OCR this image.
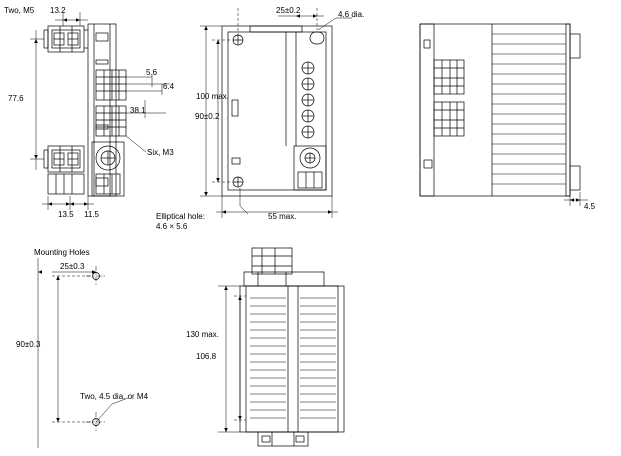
Two, M5 13.2
77.6
5.6
6.4
38.1
Six, M3
13.5 11.5
25±0.2	4.6 dia.
100 max.
90±0.2
Elliptical hole:
4.6 × 5.6
55 max.
4.5
Mounting Holes
25±0.3
90±0.3
Two, 4.5 dia. or M4
130 max.
106.8
